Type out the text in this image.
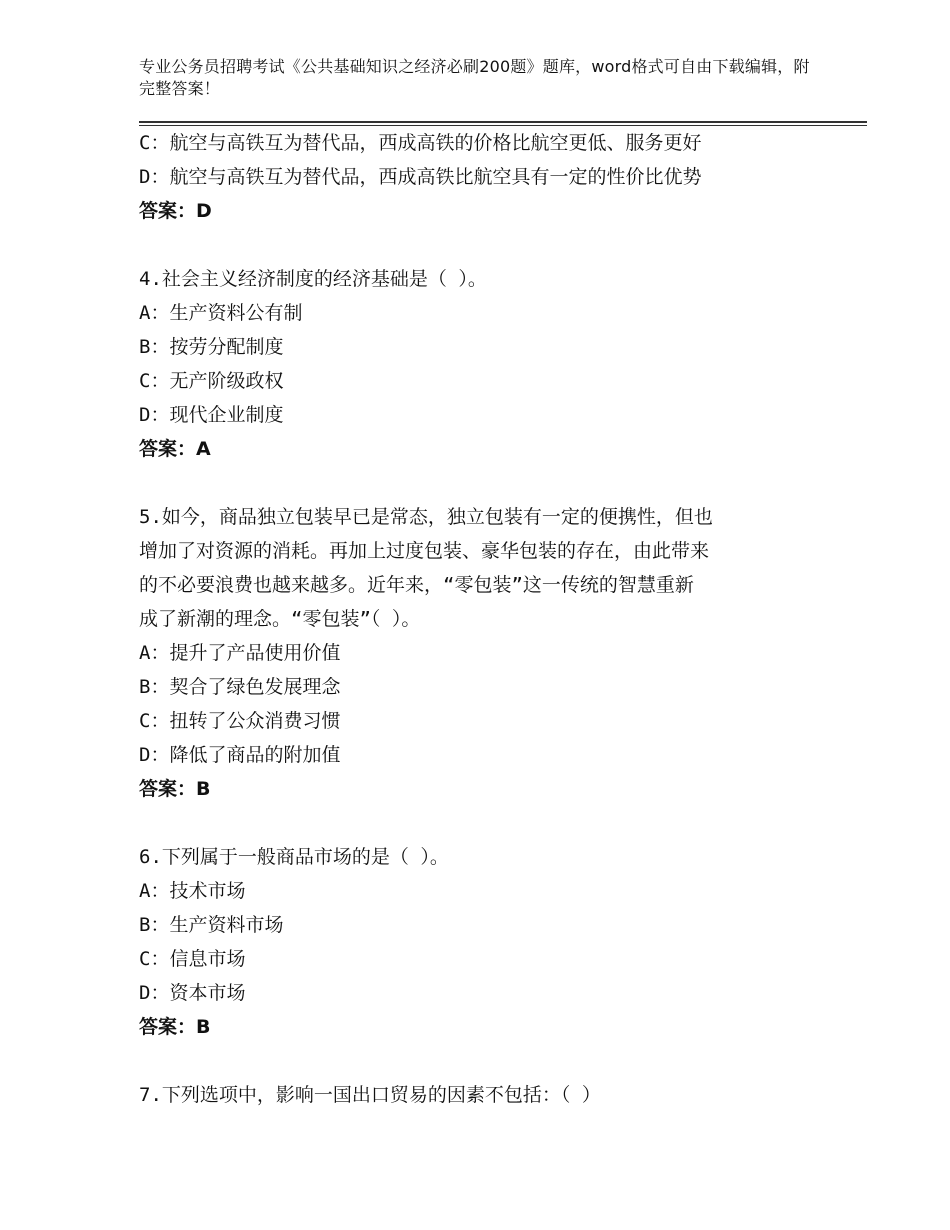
专业公务员招聘考试《公共基础知识之经济必刷200题》题库，word格式可自由下载编辑，附完整答案！
C：航空与高铁互为替代品，西成高铁的价格比航空更低、服务更好
D：航空与高铁互为替代品，西成高铁比航空具有一定的性价比优势
答案：D
4.社会主义经济制度的经济基础是（ ）。
A：生产资料公有制
B：按劳分配制度
C：无产阶级政权
D：现代企业制度
答案：A
5.如今，商品独立包装早已是常态，独立包装有一定的便携性，但也
增加了对资源的消耗。再加上过度包装、豪华包装的存在，由此带来
的不必要浪费也越来越多。近年来，“零包装”这一传统的智慧重新
成了新潮的理念。“零包装”（ ）。
A：提升了产品使用价值
B：契合了绿色发展理念
C：扭转了公众消费习惯
D：降低了商品的附加值
答案：B
6.下列属于一般商品市场的是（ ）。
A：技术市场
B：生产资料市场
C：信息市场
D：资本市场
答案：B
7.下列选项中，影响一国出口贸易的因素不包括：（ ）
